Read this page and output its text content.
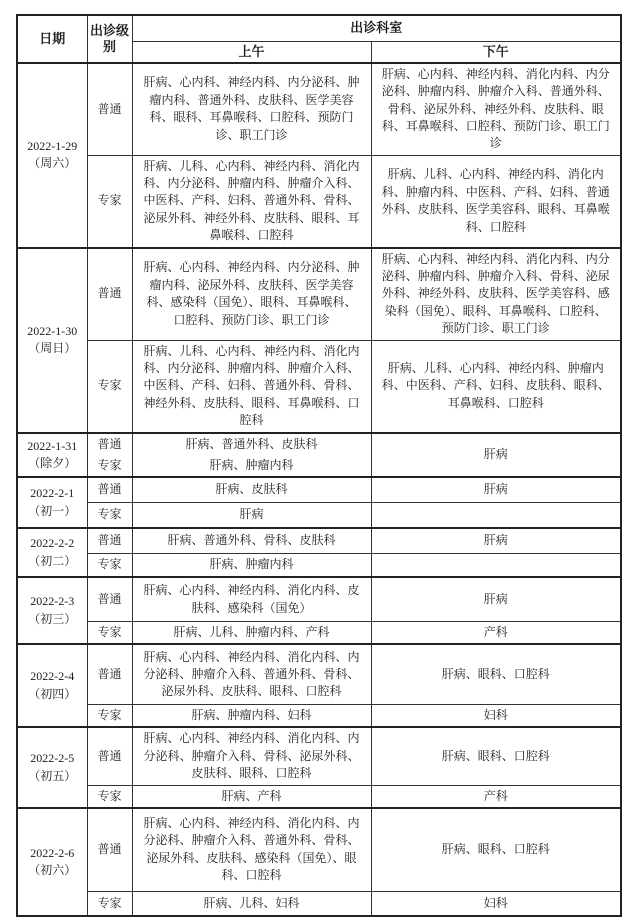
日期	出诊级别	出诊科室	
		上午	下午

2022-1-29
（周六）	普通	肝病、心内科、神经内科、内分泌科、肿瘤内科、普通外科、皮肤科、医学美容科、眼科、耳鼻喉科、口腔科、预防门诊、职工门诊	肝病、心内科、神经内科、消化内科、内分泌科、肿瘤内科、肿瘤介入科、普通外科、骨科、泌尿外科、神经外科、皮肤科、眼科、耳鼻喉科、口腔科、预防门诊、职工门诊
	专家	肝病、儿科、心内科、神经内科、消化内科、内分泌科、肿瘤内科、肿瘤介入科、中医科、产科、妇科、普通外科、骨科、泌尿外科、神经外科、皮肤科、眼科、耳鼻喉科、口腔科	肝病、儿科、心内科、神经内科、消化内科、肿瘤内科、中医科、产科、妇科、普通外科、皮肤科、医学美容科、眼科、耳鼻喉科、口腔科

2022-1-30
（周日）	普通	肝病、心内科、神经内科、内分泌科、肿瘤内科、泌尿外科、皮肤科、医学美容科、感染科（国免）、眼科、耳鼻喉科、口腔科、预防门诊、职工门诊	肝病、心内科、神经内科、消化内科、内分泌科、肿瘤内科、肿瘤介入科、骨科、泌尿外科、神经外科、皮肤科、医学美容科、感染科（国免）、眼科、耳鼻喉科、口腔科、预防门诊、职工门诊
	专家	肝病、儿科、心内科、神经内科、消化内科、内分泌科、肿瘤内科、肿瘤介入科、中医科、产科、妇科、普通外科、骨科、神经外科、皮肤科、眼科、耳鼻喉科、口腔科	肝病、儿科、心内科、神经内科、肿瘤内科、中医科、产科、妇科、皮肤科、眼科、耳鼻喉科、口腔科

2022-1-31
（除夕）	普通	肝病、普通外科、皮肤科	肝病
	专家	肝病、肿瘤内科	

2022-2-1
（初一）	普通	肝病、皮肤科	肝病
	专家	肝病	

2022-2-2
（初二）	普通	肝病、普通外科、骨科、皮肤科	肝病
	专家	肝病、肿瘤内科	

2022-2-3
（初三）	普通	肝病、心内科、神经内科、消化内科、皮肤科、感染科（国免）	肝病
	专家	肝病、儿科、肿瘤内科、产科	产科

2022-2-4
（初四）	普通	肝病、心内科、神经内科、消化内科、内分泌科、肿瘤介入科、普通外科、骨科、泌尿外科、皮肤科、眼科、口腔科	肝病、眼科、口腔科
	专家	肝病、肿瘤内科、妇科	妇科

2022-2-5
（初五）	普通	肝病、心内科、神经内科、消化内科、内分泌科、肿瘤介入科、骨科、泌尿外科、皮肤科、眼科、口腔科	肝病、眼科、口腔科
	专家	肝病、产科	产科

2022-2-6
（初六）	普通	肝病、心内科、神经内科、消化内科、内分泌科、肿瘤介入科、普通外科、骨科、泌尿外科、皮肤科、感染科（国免）、眼科、口腔科	肝病、眼科、口腔科
	专家	肝病、儿科、妇科	妇科
